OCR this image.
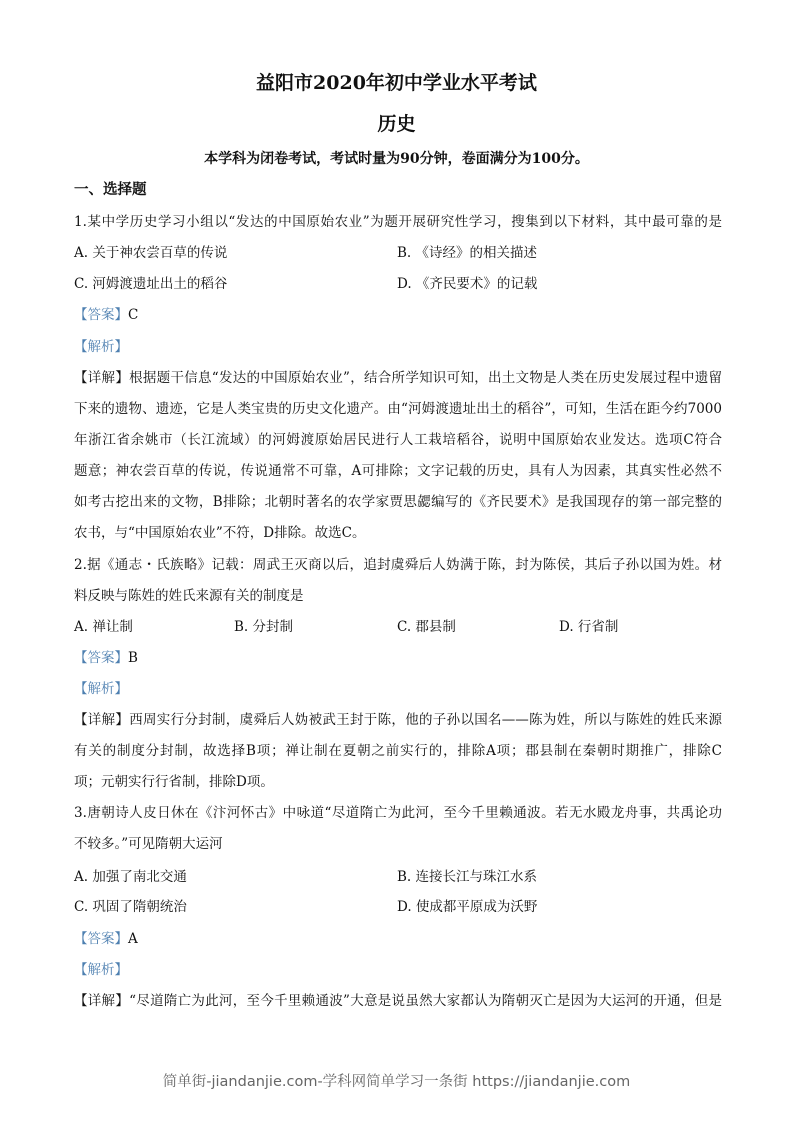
益阳市2020年初中学业水平考试
历史
本学科为闭卷考试，考试时量为90分钟，卷面满分为100分。
一、选择题
1.某中学历史学习小组以“发达的中国原始农业”为题开展研究性学习，搜集到以下材料，其中最可靠的是
A. 关于神农尝百草的传说	B. 《诗经》的相关描述
C. 河姆渡遗址出土的稻谷	D. 《齐民要术》的记载
【答案】C
【解析】
【详解】根据题干信息“发达的中国原始农业”，结合所学知识可知，出土文物是人类在历史发展过程中遗留
下来的遗物、遗迹，它是人类宝贵的历史文化遗产。由“河姆渡遗址出土的稻谷”，可知，生活在距今约7000
年浙江省余姚市（长江流域）的河姆渡原始居民进行人工栽培稻谷，说明中国原始农业发达。选项C符合
题意；神农尝百草的传说，传说通常不可靠，A可排除；文字记载的历史，具有人为因素，其真实性必然不
如考古挖出来的文物，B排除；北朝时著名的农学家贾思勰编写的《齐民要术》是我国现存的第一部完整的
农书，与“中国原始农业”不符，D排除。故选C。
2.据《通志・氏族略》记载：周武王灭商以后，追封虞舜后人妫满于陈，封为陈侯，其后子孙以国为姓。材
料反映与陈姓的姓氏来源有关的制度是
A. 禅让制	B. 分封制	C. 郡县制	D. 行省制
【答案】B
【解析】
【详解】西周实行分封制，虞舜后人妫被武王封于陈，他的子孙以国名——陈为姓，所以与陈姓的姓氏来源
有关的制度分封制，故选择B项；禅让制在夏朝之前实行的，排除A项；郡县制在秦朝时期推广，排除C
项；元朝实行行省制，排除D项。
3.唐朝诗人皮日休在《汴河怀古》中咏道“尽道隋亡为此河，至今千里赖通波。若无水殿龙舟事，共禹论功
不较多。”可见隋朝大运河
A. 加强了南北交通	B. 连接长江与珠江水系
C. 巩固了隋朝统治	D. 使成都平原成为沃野
【答案】A
【解析】
【详解】“尽道隋亡为此河，至今千里赖通波”大意是说虽然大家都认为隋朝灭亡是因为大运河的开通，但是
简单街-jiandanjie.com-学科网简单学习一条街 https://jiandanjie.com
